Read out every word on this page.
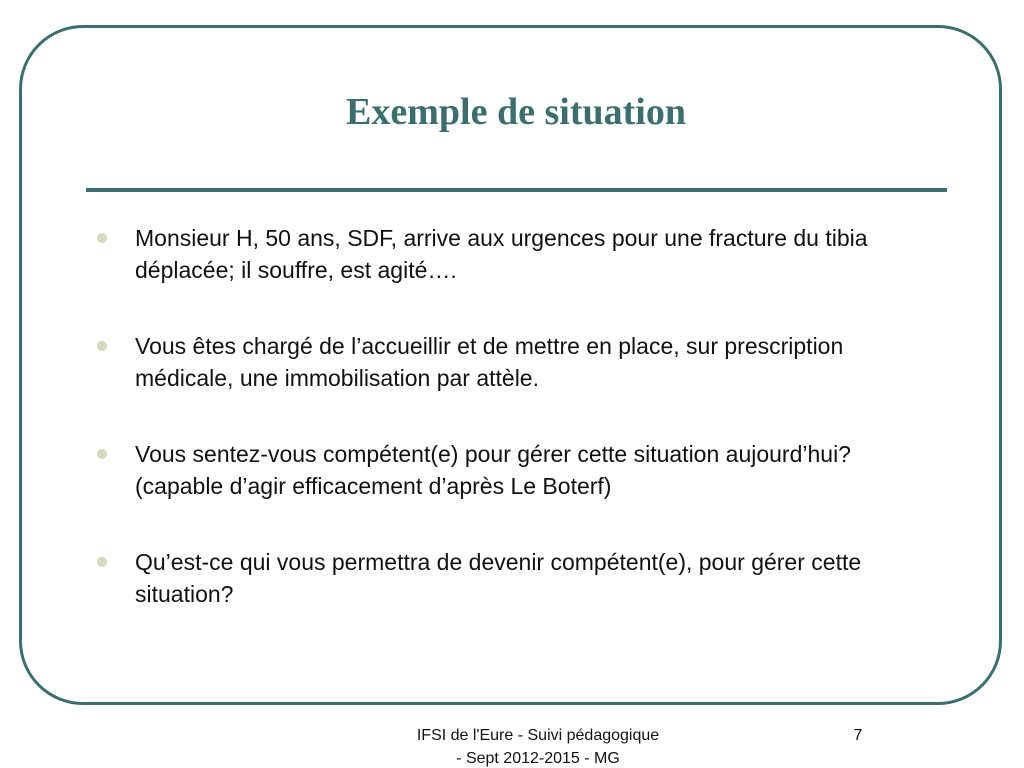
Exemple de situation
Monsieur H, 50 ans, SDF, arrive aux urgences pour une fracture du tibia déplacée; il souffre, est agité….
Vous êtes chargé de l’accueillir et de mettre en place, sur prescription médicale, une immobilisation par attèle.
Vous sentez-vous compétent(e) pour gérer cette situation aujourd’hui? (capable d’agir efficacement d’après Le Boterf)
Qu’est-ce qui vous permettra de devenir compétent(e), pour gérer cette situation?
IFSI de l'Eure - Suivi pédagogique
- Sept 2012-2015 - MG
7
